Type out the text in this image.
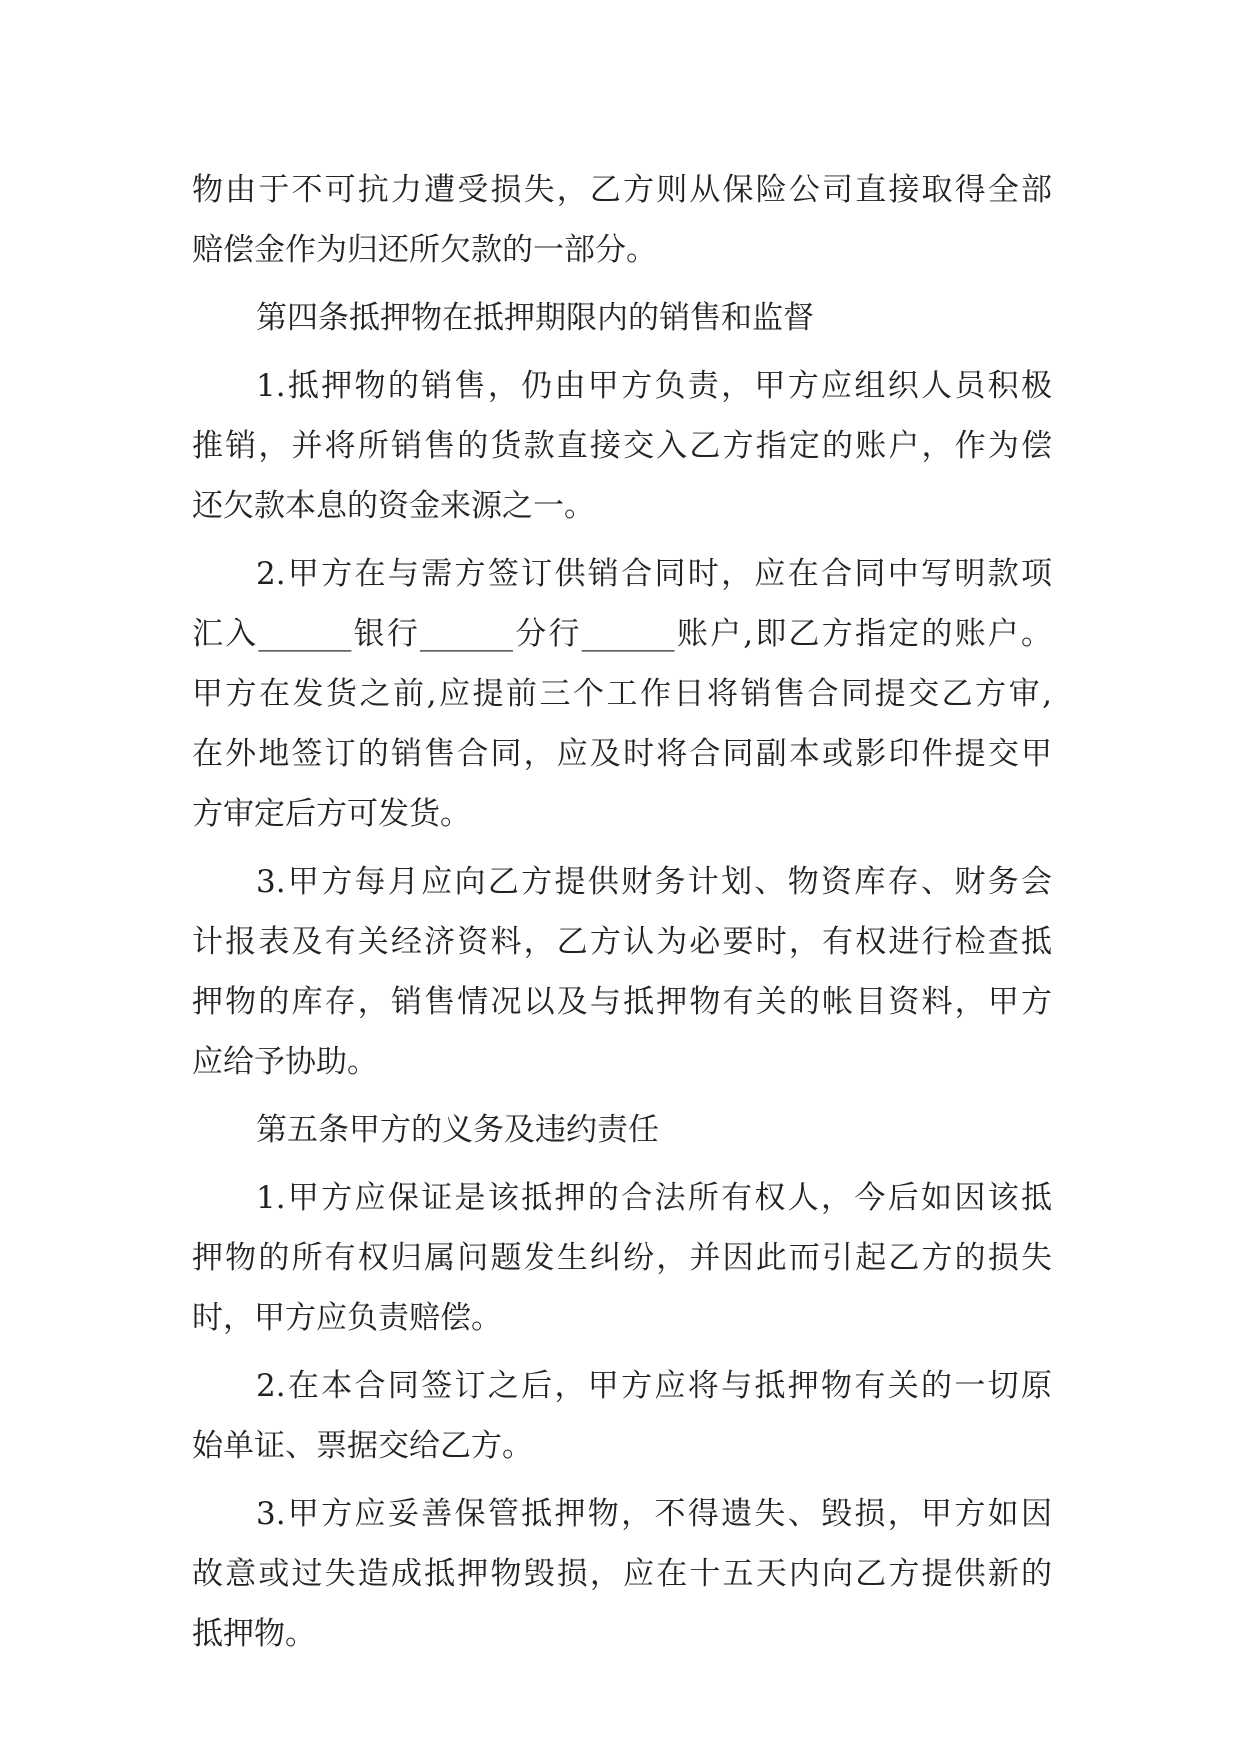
物由于不可抗力遭受损失，乙方则从保险公司直接取得全部
赔偿金作为归还所欠款的一部分。
第四条抵押物在抵押期限内的销售和监督
1.抵押物的销售，仍由甲方负责，甲方应组织人员积极
推销，并将所销售的货款直接交入乙方指定的账户，作为偿
还欠款本息的资金来源之一。
2.甲方在与需方签订供销合同时，应在合同中写明款项
汇入______银行______分行______账户,即乙方指定的账户。
甲方在发货之前,应提前三个工作日将销售合同提交乙方审,
在外地签订的销售合同，应及时将合同副本或影印件提交甲
方审定后方可发货。
3.甲方每月应向乙方提供财务计划、物资库存、财务会
计报表及有关经济资料，乙方认为必要时，有权进行检查抵
押物的库存，销售情况以及与抵押物有关的帐目资料，甲方
应给予协助。
第五条甲方的义务及违约责任
1.甲方应保证是该抵押的合法所有权人，今后如因该抵
押物的所有权归属问题发生纠纷，并因此而引起乙方的损失
时，甲方应负责赔偿。
2.在本合同签订之后，甲方应将与抵押物有关的一切原
始单证、票据交给乙方。
3.甲方应妥善保管抵押物，不得遗失、毁损，甲方如因
故意或过失造成抵押物毁损，应在十五天内向乙方提供新的
抵押物。
